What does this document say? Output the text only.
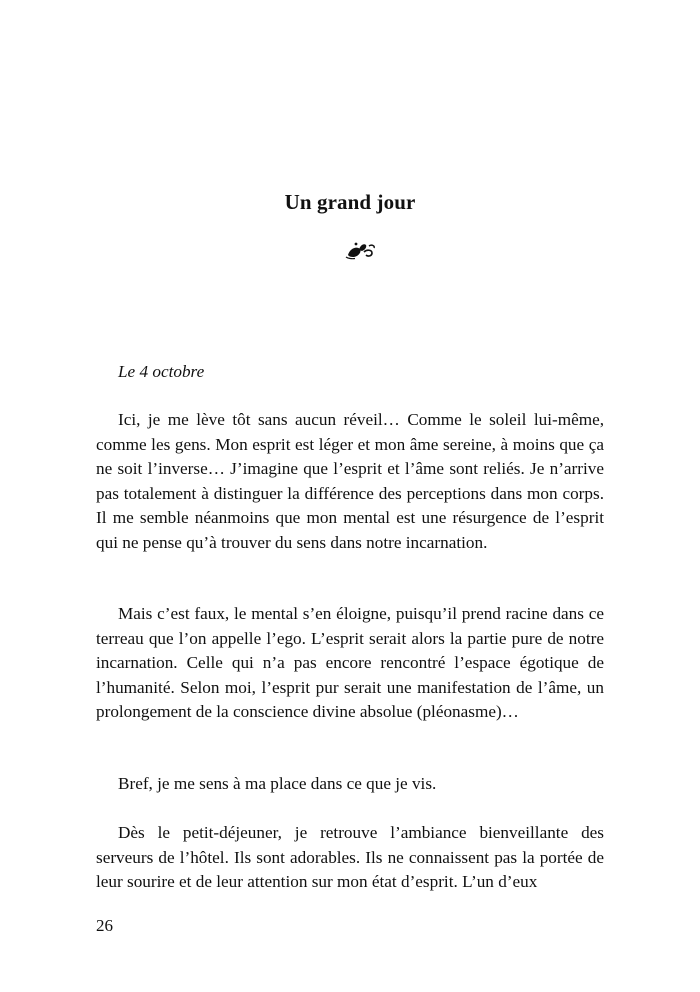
Un grand jour

Le 4 octobre

Ici, je me lève tôt sans aucun réveil… Comme le soleil lui-même, comme les gens. Mon esprit est léger et mon âme sereine, à moins que ça ne soit l’inverse… J’imagine que l’esprit et l’âme sont reliés. Je n’arrive pas totalement à distinguer la différence des perceptions dans mon corps. Il me semble néanmoins que mon mental est une résurgence de l’esprit qui ne pense qu’à trouver du sens dans notre incarnation.

Mais c’est faux, le mental s’en éloigne, puisqu’il prend racine dans ce terreau que l’on appelle l’ego. L’esprit serait alors la partie pure de notre incarnation. Celle qui n’a pas encore rencontré l’espace égotique de l’humanité. Selon moi, l’esprit pur serait une manifestation de l’âme, un prolongement de la conscience divine absolue (pléonasme)…

Bref, je me sens à ma place dans ce que je vis.

Dès le petit-déjeuner, je retrouve l’ambiance bienveillante des serveurs de l’hôtel. Ils sont adorables. Ils ne connaissent pas la portée de leur sourire et de leur attention sur mon état d’esprit. L’un d’eux

26
